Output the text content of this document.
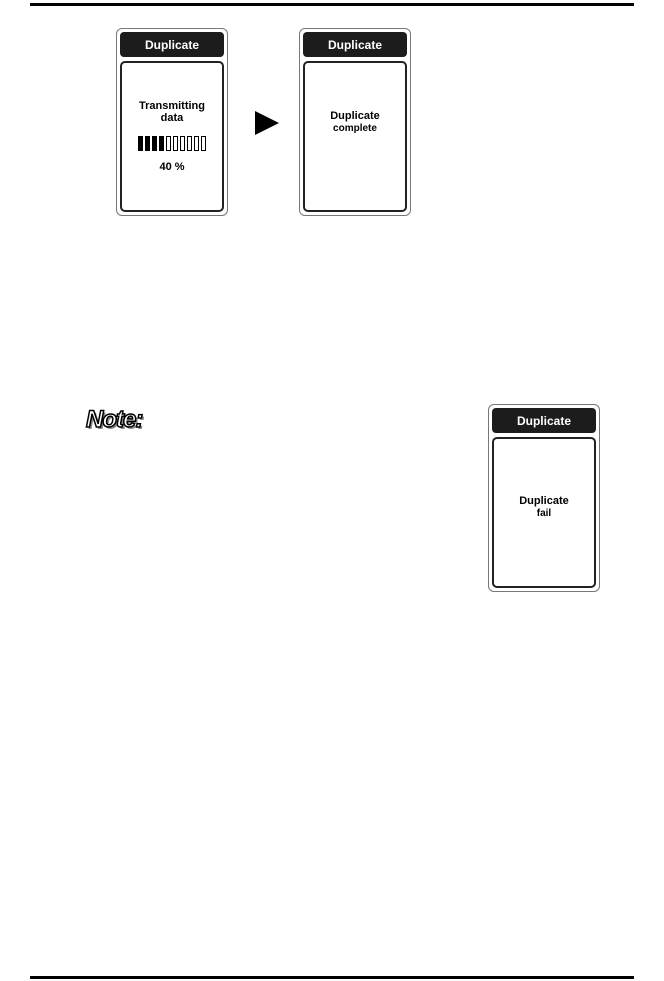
Duplicate
Transmitting
data
40 %
Duplicate
Duplicate
complete
Note:	Duplicate
Duplicate
fail
